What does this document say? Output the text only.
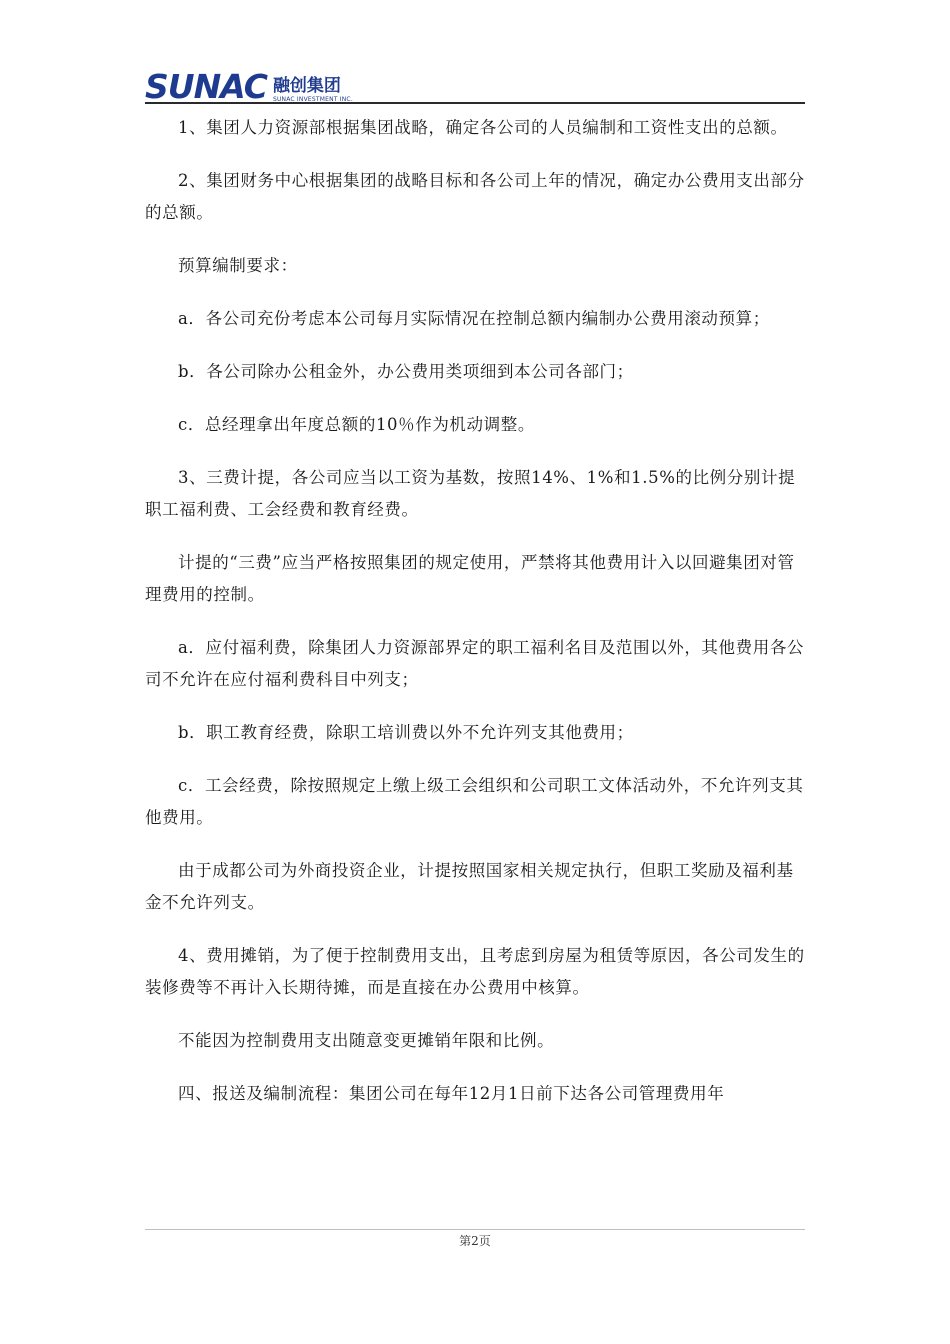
SUNAC 融创集团
SUNAC INVESTMENT INC.

1、集团人力资源部根据集团战略，确定各公司的人员编制和工资性支出的总额。

2、集团财务中心根据集团的战略目标和各公司上年的情况，确定办公费用支出部分的总额。

预算编制要求：

a．各公司充份考虑本公司每月实际情况在控制总额内编制办公费用滚动预算；

b．各公司除办公租金外，办公费用类项细到本公司各部门；

c．总经理拿出年度总额的10％作为机动调整。

3、三费计提，各公司应当以工资为基数，按照14%、1%和1.5%的比例分别计提职工福利费、工会经费和教育经费。

计提的“三费”应当严格按照集团的规定使用，严禁将其他费用计入以回避集团对管理费用的控制。

a．应付福利费，除集团人力资源部界定的职工福利名目及范围以外，其他费用各公司不允许在应付福利费科目中列支；

b．职工教育经费，除职工培训费以外不允许列支其他费用；

c．工会经费，除按照规定上缴上级工会组织和公司职工文体活动外，不允许列支其他费用。

由于成都公司为外商投资企业，计提按照国家相关规定执行，但职工奖励及福利基金不允许列支。

4、费用摊销，为了便于控制费用支出，且考虑到房屋为租赁等原因，各公司发生的装修费等不再计入长期待摊，而是直接在办公费用中核算。

不能因为控制费用支出随意变更摊销年限和比例。

四、报送及编制流程：集团公司在每年12月1日前下达各公司管理费用年

第2页
